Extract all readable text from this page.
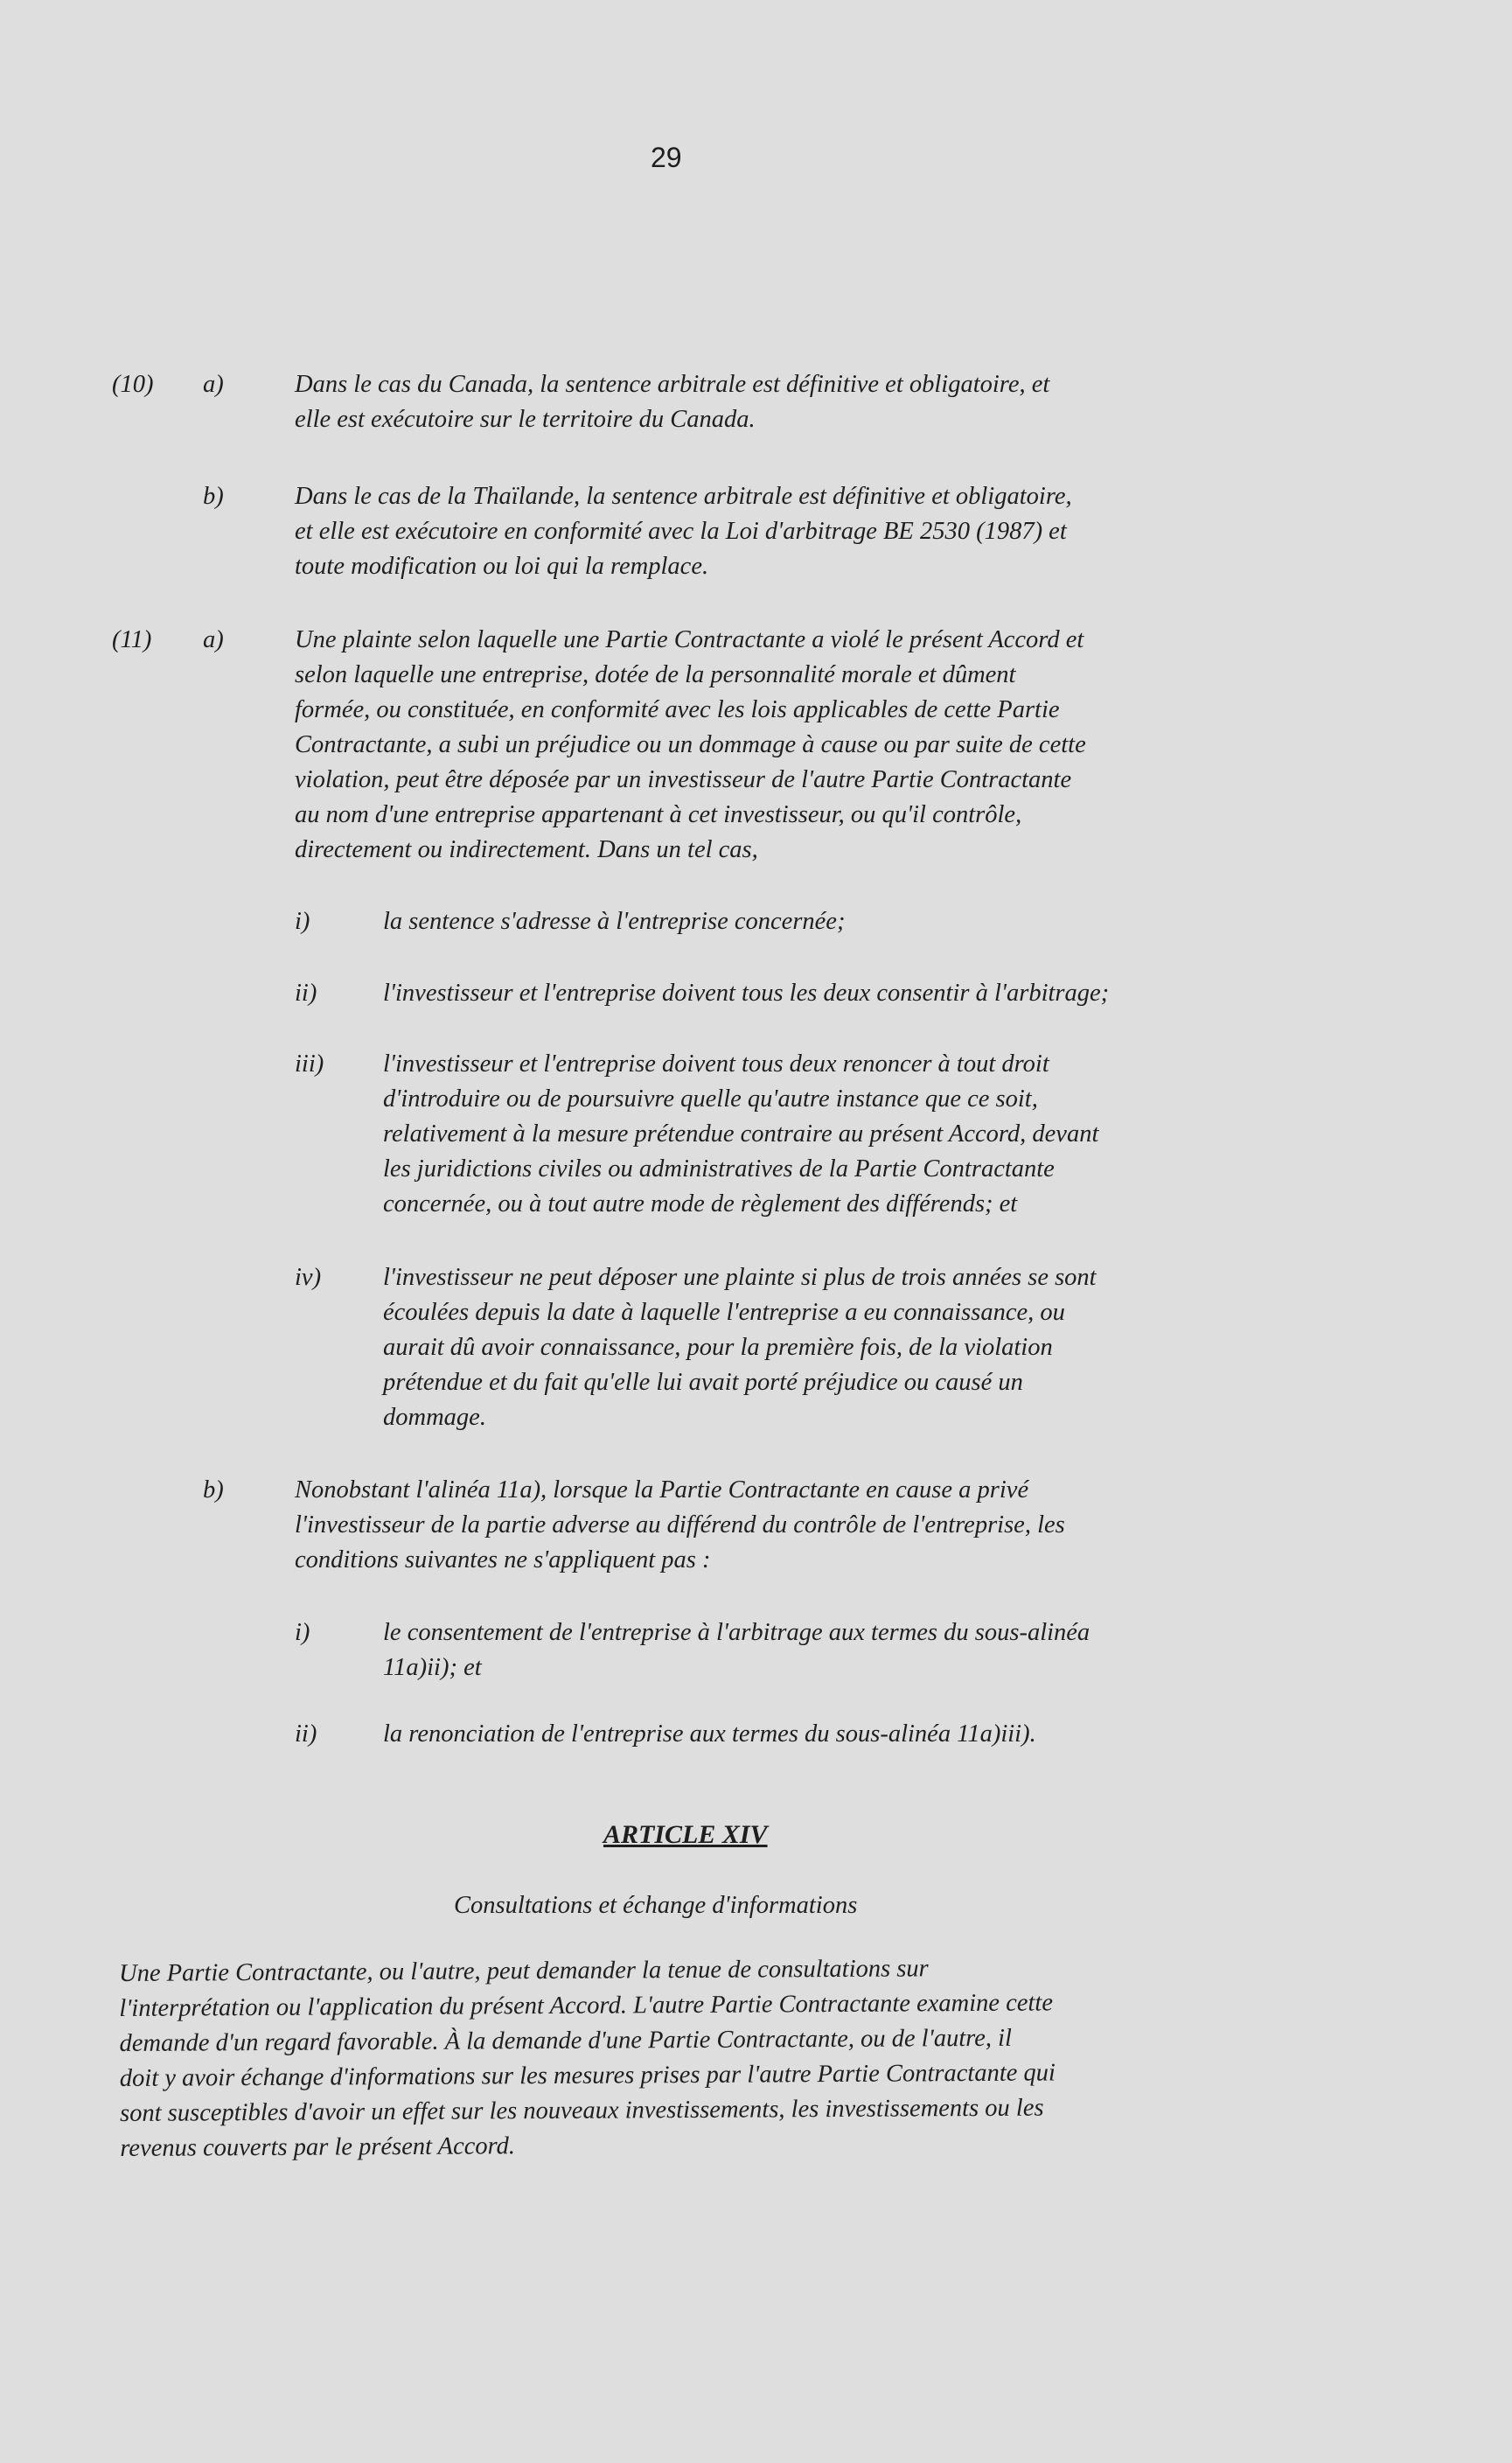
29
(10) a)	Dans le cas du Canada, la sentence arbitrale est définitive et obligatoire, et
elle est exécutoire sur le territoire du Canada.
b)	Dans le cas de la Thaïlande, la sentence arbitrale est définitive et obligatoire,
et elle est exécutoire en conformité avec la Loi d'arbitrage BE 2530 (1987) et
toute modification ou loi qui la remplace.
(11) a)	Une plainte selon laquelle une Partie Contractante a violé le présent Accord et
selon laquelle une entreprise, dotée de la personnalité morale et dûment
formée, ou constituée, en conformité avec les lois applicables de cette Partie
Contractante, a subi un préjudice ou un dommage à cause ou par suite de cette
violation, peut être déposée par un investisseur de l'autre Partie Contractante
au nom d'une entreprise appartenant à cet investisseur, ou qu'il contrôle,
directement ou indirectement. Dans un tel cas,
i)	la sentence s'adresse à l'entreprise concernée;
ii)	l'investisseur et l'entreprise doivent tous les deux consentir à l'arbitrage;
iii) l'investisseur et l'entreprise doivent tous deux renoncer à tout droit
d'introduire ou de poursuivre quelle qu'autre instance que ce soit,
relativement à la mesure prétendue contraire au présent Accord, devant
les juridictions civiles ou administratives de la Partie Contractante
concernée, ou à tout autre mode de règlement des différends; et
iv) l'investisseur ne peut déposer une plainte si plus de trois années se sont
écoulées depuis la date à laquelle l'entreprise a eu connaissance, ou
aurait dû avoir connaissance, pour la première fois, de la violation
prétendue et du fait qu'elle lui avait porté préjudice ou causé un
dommage.
b)	Nonobstant l'alinéa 11a), lorsque la Partie Contractante en cause a privé
l'investisseur de la partie adverse au différend du contrôle de l'entreprise, les
conditions suivantes ne s'appliquent pas :
i)	le consentement de l'entreprise à l'arbitrage aux termes du sous-alinéa
11a)ii); et
ii)	la renonciation de l'entreprise aux termes du sous-alinéa 11a)iii).
ARTICLE XIV
Consultations et échange d'informations
Une Partie Contractante, ou l'autre, peut demander la tenue de consultations sur
l'interprétation ou l'application du présent Accord. L'autre Partie Contractante examine cette
demande d'un regard favorable. À la demande d'une Partie Contractante, ou de l'autre, il
doit y avoir échange d'informations sur les mesures prises par l'autre Partie Contractante qui
sont susceptibles d'avoir un effet sur les nouveaux investissements, les investissements ou les
revenus couverts par le présent Accord.
